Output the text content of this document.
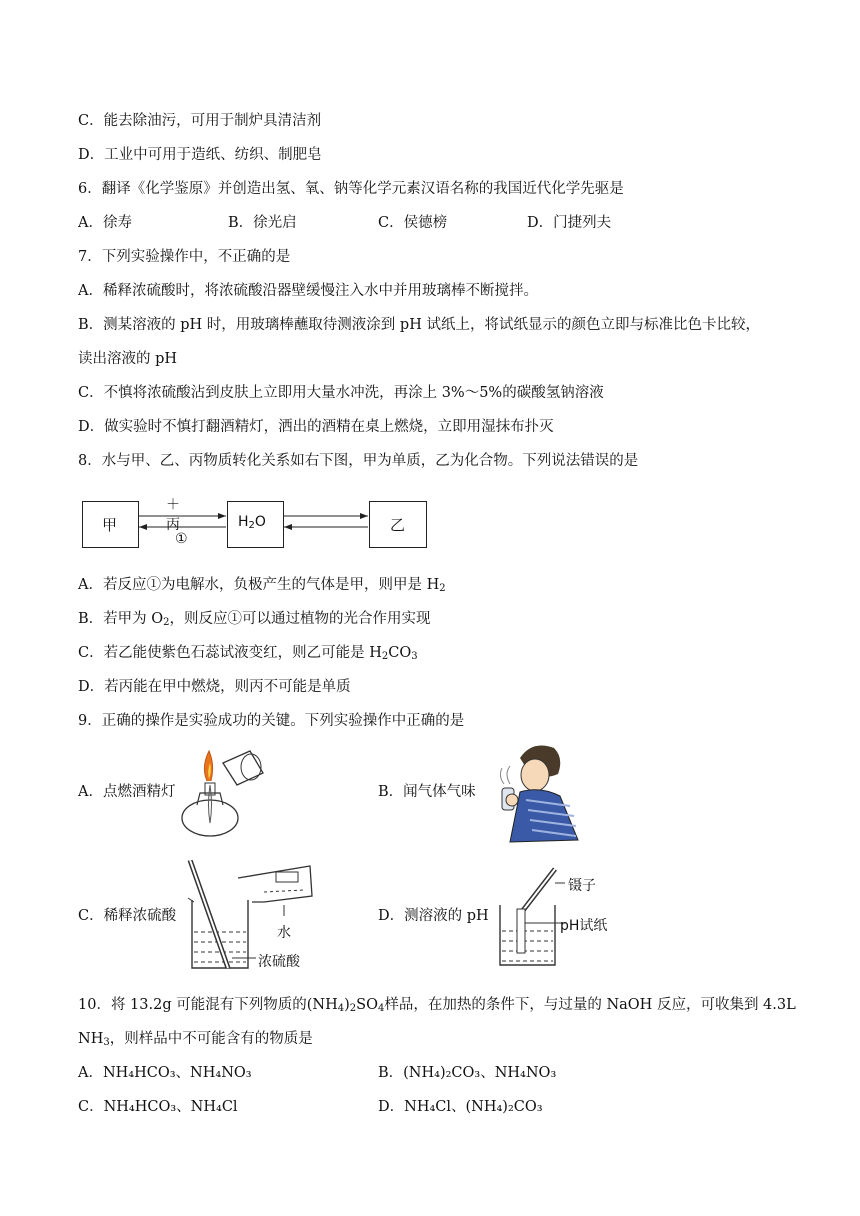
C．能去除油污，可用于制炉具清洁剂
D．工业中可用于造纸、纺织、制肥皂
6．翻译《化学鉴原》并创造出氢、氧、钠等化学元素汉语名称的我国近代化学先驱是
A．徐寿	B．徐光启	C．侯德榜	D．门捷列夫
7．下列实验操作中，不正确的是
A．稀释浓硫酸时，将浓硫酸沿器壁缓慢注入水中并用玻璃棒不断搅拌。
B．测某溶液的 pH 时，用玻璃棒蘸取待测液涂到 pH 试纸上，将试纸显示的颜色立即与标准比色卡比较，
读出溶液的 pH
C．不慎将浓硫酸沾到皮肤上立即用大量水冲洗，再涂上 3%～5%的碳酸氢钠溶液
D．做实验时不慎打翻酒精灯，洒出的酒精在桌上燃烧，立即用湿抹布扑灭
8．水与甲、乙、丙物质转化关系如右下图，甲为单质，乙为化合物。下列说法错误的是
甲	$H_2O$	乙
＋丙
①
A．若反应①为电解水，负极产生的气体是甲，则甲是 $H_2$
B．若甲为 $O_2$，则反应①可以通过植物的光合作用实现
C．若乙能使紫色石蕊试液变红，则乙可能是 $H_2CO_3$
D．若丙能在甲中燃烧，则丙不可能是单质
9．正确的操作是实验成功的关键。下列实验操作中正确的是
A．点燃酒精灯	B．闻气体气味
C．稀释浓硫酸
水
浓硫酸
D．测溶液的 pH
镊子
pH试纸
10．将 13.2g 可能混有下列物质的$(NH_4)_2SO_4$样品，在加热的条件下，与过量的 NaOH 反应，可收集到 4.3L
$NH_3$，则样品中不可能含有的物质是
A．NH₄HCO₃、NH₄NO₃	B．(NH₄)₂CO₃、NH₄NO₃
C．NH₄HCO₃、NH₄Cl	D．NH₄Cl、(NH₄)₂CO₃
